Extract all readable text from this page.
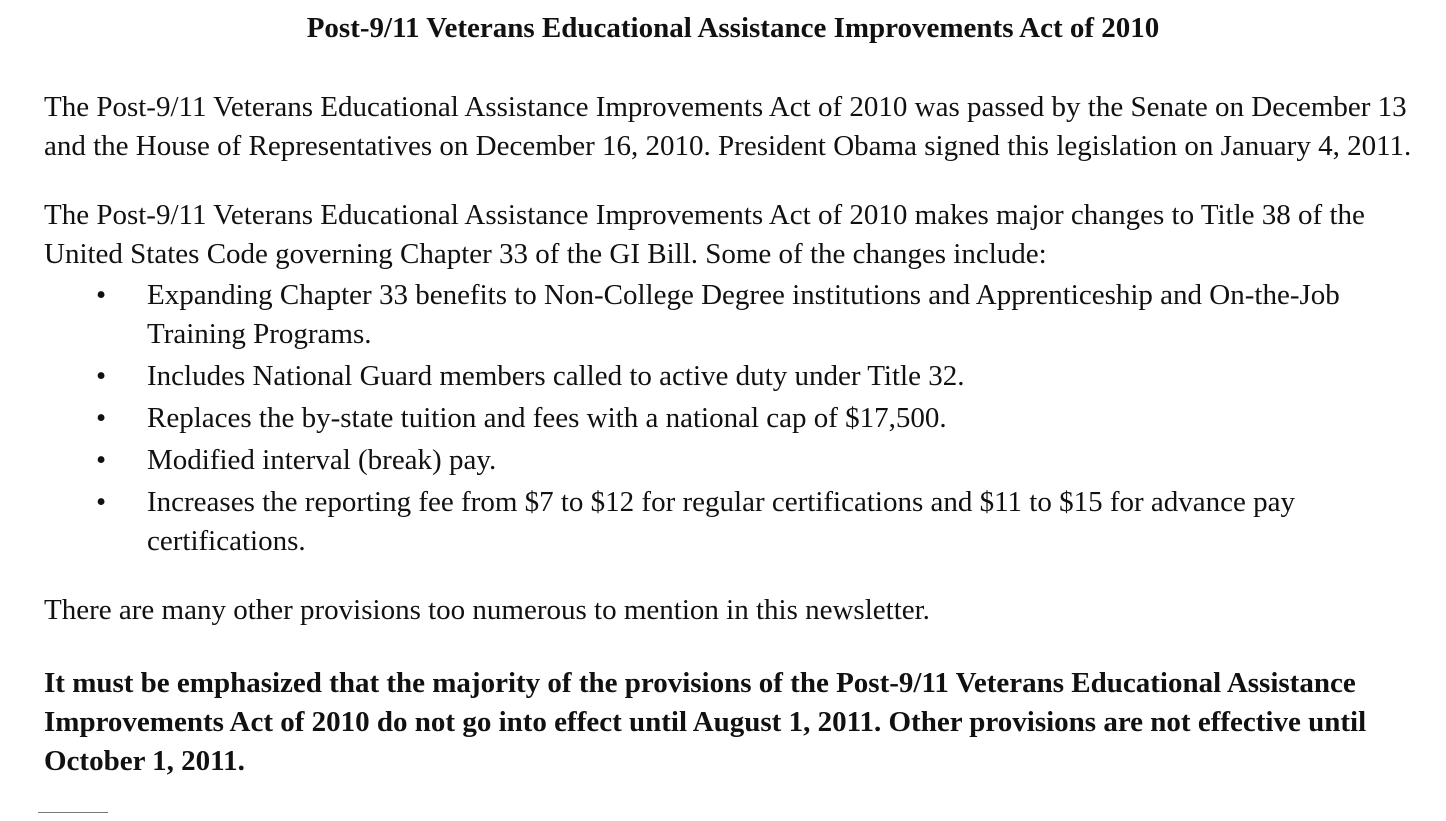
Post-9/11 Veterans Educational Assistance Improvements Act of 2010

The Post-9/11 Veterans Educational Assistance Improvements Act of 2010 was passed by the Senate on December 13 and the House of Representatives on December 16, 2010. President Obama signed this legislation on January 4, 2011.

The Post-9/11 Veterans Educational Assistance Improvements Act of 2010 makes major changes to Title 38 of the United States Code governing Chapter 33 of the GI Bill. Some of the changes include:

•	Expanding Chapter 33 benefits to Non-College Degree institutions and Apprenticeship and On-the-Job Training Programs.
•	Includes National Guard members called to active duty under Title 32.
•	Replaces the by-state tuition and fees with a national cap of $17,500.
•	Modified interval (break) pay.
•	Increases the reporting fee from $7 to $12 for regular certifications and $11 to $15 for advance pay certifications.

There are many other provisions too numerous to mention in this newsletter.

It must be emphasized that the majority of the provisions of the Post-9/11 Veterans Educational Assistance Improvements Act of 2010 do not go into effect until August 1, 2011. Other provisions are not effective until October 1, 2011.
